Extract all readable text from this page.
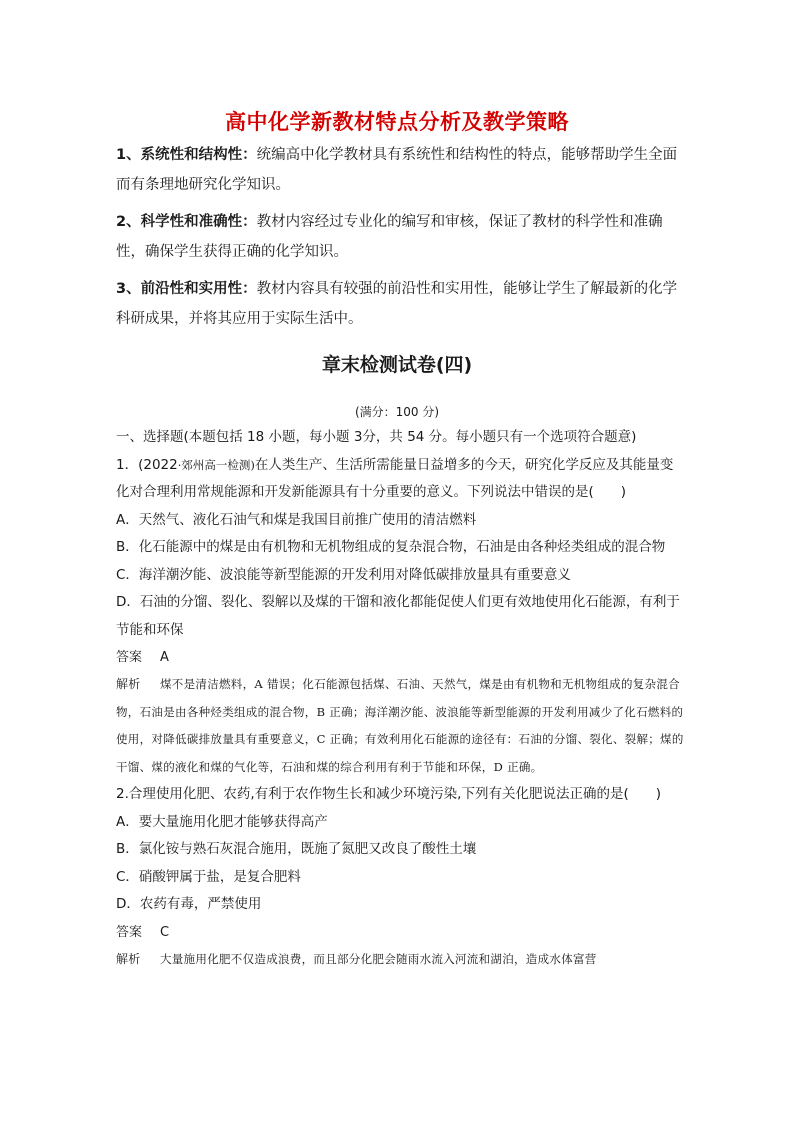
高中化学新教材特点分析及教学策略

1、系统性和结构性：统编高中化学教材具有系统性和结构性的特点，能够帮助学生全面而有条理地研究化学知识。

2、科学性和准确性：教材内容经过专业化的编写和审核，保证了教材的科学性和准确性，确保学生获得正确的化学知识。

3、前沿性和实用性：教材内容具有较强的前沿性和实用性，能够让学生了解最新的化学科研成果，并将其应用于实际生活中。

章末检测试卷(四)
(满分：100 分)

一、选择题(本题包括 18 小题，每小题 3分，共 54 分。每小题只有一个选项符合题意)

1．(2022·郊州高一检测)在人类生产、生活所需能量日益增多的今天，研究化学反应及其能量变化对合理利用常规能源和开发新能源具有十分重要的意义。下列说法中错误的是(　　)

A．天然气、液化石油气和煤是我国目前推广使用的清洁燃料

B．化石能源中的煤是由有机物和无机物组成的复杂混合物，石油是由各种烃类组成的混合物

C．海洋潮汐能、波浪能等新型能源的开发利用对降低碳排放量具有重要意义

D．石油的分馏、裂化、裂解以及煤的干馏和液化都能促使人们更有效地使用化石能源，有利于节能和环保

答案 A

解析 煤不是清洁燃料，A 错误；化石能源包括煤、石油、天然气，煤是由有机物和无机物组成的复杂混合物，石油是由各种烃类组成的混合物，B 正确；海洋潮汐能、波浪能等新型能源的开发利用减少了化石燃料的使用，对降低碳排放量具有重要意义，C 正确；有效利用化石能源的途径有：石油的分馏、裂化、裂解；煤的干馏、煤的液化和煤的气化等，石油和煤的综合利用有利于节能和环保，D 正确。

2.合理使用化肥、农药,有利于农作物生长和减少环境污染,下列有关化肥说法正确的是(　　)

A．要大量施用化肥才能够获得高产

B．氯化铵与熟石灰混合施用，既施了氮肥又改良了酸性土壤

C．硝酸钾属于盐，是复合肥料

D．农药有毒，严禁使用

答案 C

解析 大量施用化肥不仅造成浪费，而且部分化肥会随雨水流入河流和湖泊，造成水体富营
